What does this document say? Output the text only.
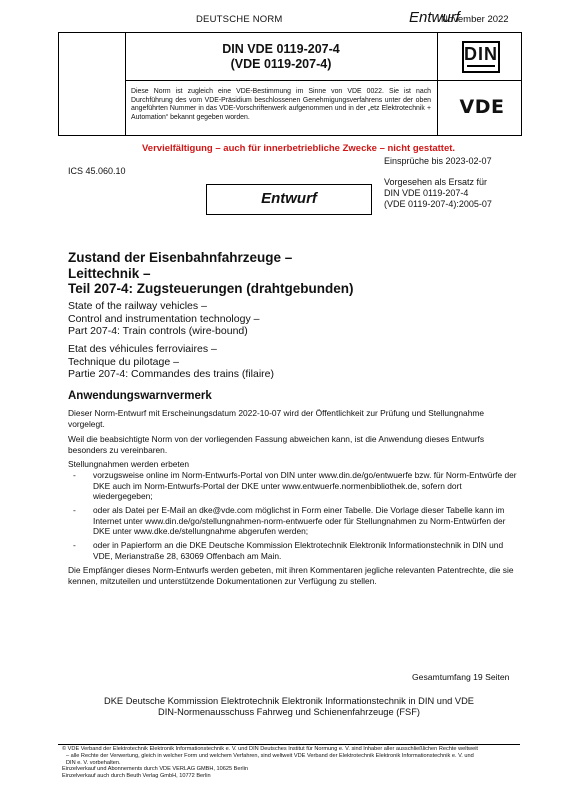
DEUTSCHE NORM	Entwurf
November 2022
DIN VDE 0119-207-4
(VDE 0119-207-4)
Diese Norm ist zugleich eine VDE-Bestimmung im Sinne von VDE 0022. Sie ist nach Durchführung des vom VDE-Präsidium beschlossenen Genehmigungsverfahrens unter der oben angeführten Nummer in das VDE-Vorschriftenwerk aufgenommen und in der „etz Elektrotechnik + Automation“ bekannt gegeben worden.
DIN
VDE
Vervielfältigung – auch für innerbetriebliche Zwecke – nicht gestattet.
Einsprüche bis 2023-02-07
ICS 45.060.10
Vorgesehen als Ersatz für
DIN VDE 0119-207-4
(VDE 0119-207-4):2005-07
Entwurf
Zustand der Eisenbahnfahrzeuge –
Leittechnik –
Teil 207-4: Zugsteuerungen (drahtgebunden)
State of the railway vehicles –
Control and instrumentation technology –
Part 207-4: Train controls (wire-bound)
Etat des véhicules ferroviaires –
Technique du pilotage –
Partie 207-4: Commandes des trains (filaire)
Anwendungswarnvermerk
Dieser Norm-Entwurf mit Erscheinungsdatum 2022-10-07 wird der Öffentlichkeit zur Prüfung und Stellungnahme vorgelegt.
Weil die beabsichtigte Norm von der vorliegenden Fassung abweichen kann, ist die Anwendung dieses Entwurfs besonders zu vereinbaren.
Stellungnahmen werden erbeten
- vorzugsweise online im Norm-Entwurfs-Portal von DIN unter www.din.de/go/entwuerfe bzw. für Norm-Entwürfe der DKE auch im Norm-Entwurfs-Portal der DKE unter www.entwuerfe.normenbibliothek.de, sofern dort wiedergegeben;
- oder als Datei per E-Mail an dke@vde.com möglichst in Form einer Tabelle. Die Vorlage dieser Tabelle kann im Internet unter www.din.de/go/stellungnahmen-norm-entwuerfe oder für Stellungnahmen zu Norm-Entwürfen der DKE unter www.dke.de/stellungnahme abgerufen werden;
- oder in Papierform an die DKE Deutsche Kommission Elektrotechnik Elektronik Informationstechnik in DIN und VDE, Merianstraße 28, 63069 Offenbach am Main.
Die Empfänger dieses Norm-Entwurfs werden gebeten, mit ihren Kommentaren jegliche relevanten Patentrechte, die sie kennen, mitzuteilen und unterstützende Dokumentationen zur Verfügung zu stellen.
Gesamtumfang 19 Seiten
DKE Deutsche Kommission Elektrotechnik Elektronik Informationstechnik in DIN und VDE
DIN-Normenausschuss Fahrweg und Schienenfahrzeuge (FSF)
© VDE Verband der Elektrotechnik Elektronik Informationstechnik e. V. und DIN Deutsches Institut für Normung e. V. sind Inhaber aller ausschließlichen Rechte weltweit
– alle Rechte der Verwertung, gleich in welcher Form und welchem Verfahren, sind weltweit VDE Verband der Elektrotechnik Elektronik Informationstechnik e. V. und
DIN e. V. vorbehalten.
Einzelverkauf und Abonnements durch VDE VERLAG GMBH, 10625 Berlin
Einzelverkauf auch durch Beuth Verlag GmbH, 10772 Berlin
